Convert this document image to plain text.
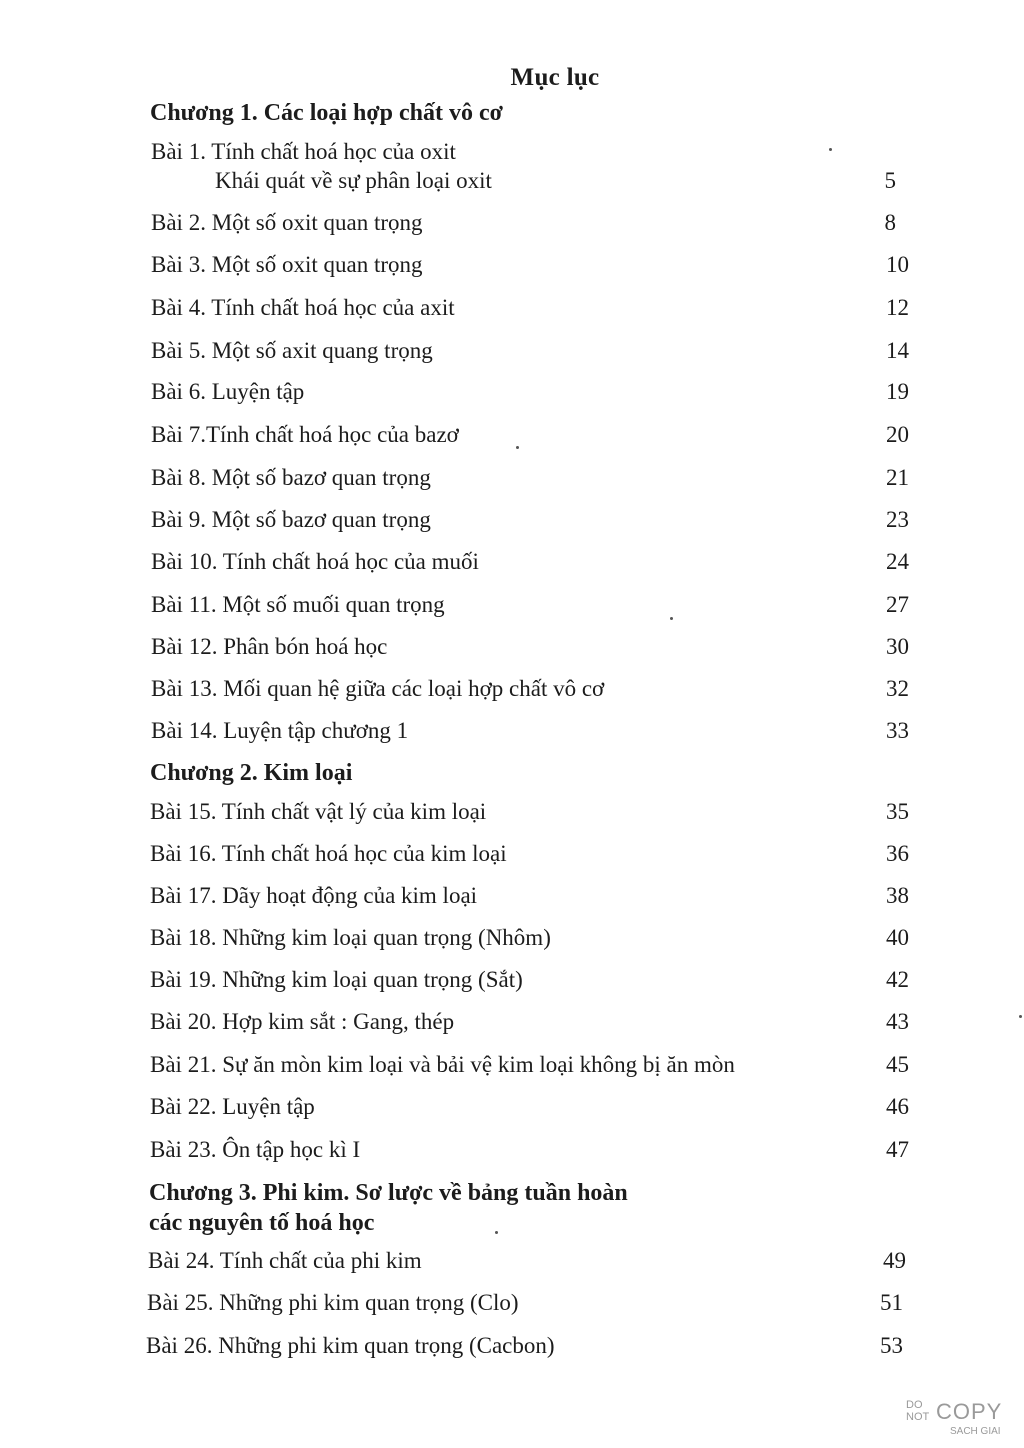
Mục lục
Chương 1. Các loại hợp chất vô cơ
Bài 1. Tính chất hoá học của oxit
Khái quát về sự phân loại oxit	5
Bài 2. Một số oxit quan trọng	8
Bài 3. Một số oxit quan trọng	10
Bài 4. Tính chất hoá học của axit	12
Bài 5. Một số axit quang trọng	14
Bài 6. Luyện tập	19
Bài 7.Tính chất hoá học của bazơ	20
Bài 8. Một số bazơ quan trọng	21
Bài 9. Một số bazơ quan trọng	23
Bài 10. Tính chất hoá học của muối	24
Bài 11. Một số muối quan trọng	27
Bài 12. Phân bón hoá học	30
Bài 13. Mối quan hệ giữa các loại hợp chất vô cơ	32
Bài 14. Luyện tập chương 1	33
Chương 2. Kim loại
Bài 15. Tính chất vật lý của kim loại	35
Bài 16. Tính chất hoá học của kim loại	36
Bài 17. Dãy hoạt động của kim loại	38
Bài 18. Những kim loại quan trọng (Nhôm)	40
Bài 19. Những kim loại quan trọng (Sắt)	42
Bài 20. Hợp kim sắt : Gang, thép	43
Bài 21. Sự ăn mòn kim loại và bải vệ kim loại không bị ăn mòn	45
Bài 22. Luyện tập	46
Bài 23. Ôn tập học kì I	47
Chương 3. Phi kim. Sơ lược về bảng tuần hoàn
các nguyên tố hoá học
Bài 24. Tính chất của phi kim	49
Bài 25. Những phi kim quan trọng (Clo)	51
Bài 26. Những phi kim quan trọng (Cacbon)	53
DO
NOT COPY
SACH GIAI
